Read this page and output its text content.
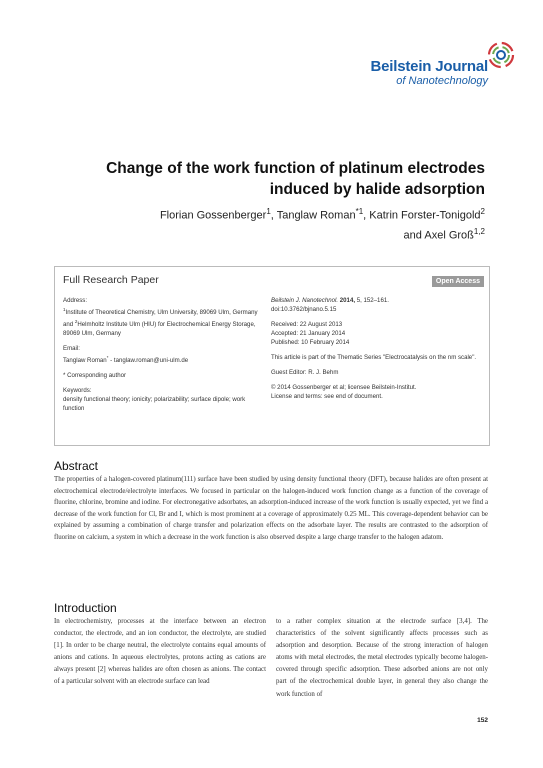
Beilstein Journal
of Nanotechnology
Change of the work function of platinum electrodes induced by halide adsorption
Florian Gossenberger$^1$, Tanglaw Roman$^{*1}$, Katrin Forster-Tonigold$^2$
and Axel Groß$^{1,2}$
Full Research Paper	Open Access

Address:
$^1$Institute of Theoretical Chemistry, Ulm University, 89069 Ulm, Germany and $^2$Helmholtz Institute Ulm (HIU) for Electrochemical Energy Storage, 89069 Ulm, Germany

Email:
Tanglaw Roman* - tanglaw.roman@uni-ulm.de

* Corresponding author

Keywords:
density functional theory; ionicity; polarizability; surface dipole; work function

Beilstein J. Nanotechnol. 2014, 5, 152–161.
doi:10.3762/bjnano.5.15

Received: 22 August 2013
Accepted: 21 January 2014
Published: 10 February 2014

This article is part of the Thematic Series "Electrocatalysis on the nm scale".

Guest Editor: R. J. Behm

© 2014 Gossenberger et al; licensee Beilstein-Institut.
License and terms: see end of document.

Abstract
The properties of a halogen-covered platinum(111) surface have been studied by using density functional theory (DFT), because halides are often present at electrochemical electrode/electrolyte interfaces. We focused in particular on the halogen-induced work function change as a function of the coverage of fluorine, chlorine, bromine and iodine. For electronegative adsorbates, an adsorption-induced increase of the work function is usually expected, yet we find a decrease of the work function for Cl, Br and I, which is most prominent at a coverage of approximately 0.25 ML. This coverage-dependent behavior can be explained by assuming a combination of charge transfer and polarization effects on the adsorbate layer. The results are contrasted to the adsorption of fluorine on calcium, a system in which a decrease in the work function is also observed despite a large charge transfer to the halogen adatom.
Introduction
In electrochemistry, processes at the interface between an electron conductor, the electrode, and an ion conductor, the electrolyte, are studied [1]. In order to be charge neutral, the electrolyte contains equal amounts of anions and cations. In aqueous electrolytes, protons acting as cations are always present [2] whereas halides are often chosen as anions. The contact of a particular solvent with an electrode surface can lead
to a rather complex situation at the electrode surface [3,4]. The characteristics of the solvent significantly affects processes such as adsorption and desorption. Because of the strong interaction of halogen atoms with metal electrodes, the metal electrodes typically become halogen-covered through specific adsorption. These adsorbed anions are not only part of the electrochemical double layer, in general they also change the work function of
152
